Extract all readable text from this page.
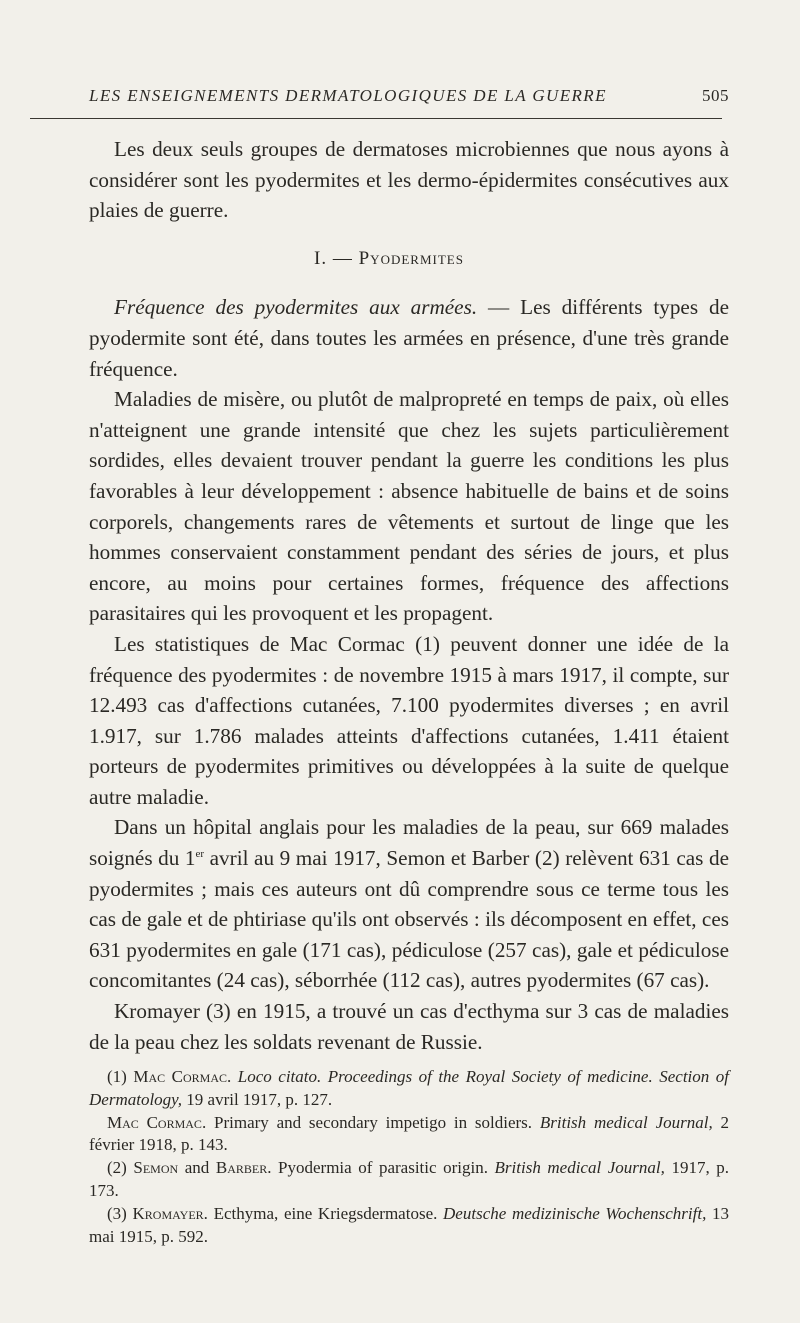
LES ENSEIGNEMENTS DERMATOLOGIQUES DE LA GUERRE	505

Les deux seuls groupes de dermatoses microbiennes que nous ayons à considérer sont les pyodermites et les dermo-épidermites consécutives aux plaies de guerre.

I. — Pyodermites

Fréquence des pyodermites aux armées. — Les différents types de pyodermite sont été, dans toutes les armées en présence, d'une très grande fréquence.

Maladies de misère, ou plutôt de malpropreté en temps de paix, où elles n'atteignent une grande intensité que chez les sujets particulièrement sordides, elles devaient trouver pendant la guerre les conditions les plus favorables à leur développement : absence habituelle de bains et de soins corporels, changements rares de vêtements et surtout de linge que les hommes conservaient constamment pendant des séries de jours, et plus encore, au moins pour certaines formes, fréquence des affections parasitaires qui les provoquent et les propagent.

Les statistiques de Mac Cormac (1) peuvent donner une idée de la fréquence des pyodermites : de novembre 1915 à mars 1917, il compte, sur 12.493 cas d'affections cutanées, 7.100 pyodermites diverses ; en avril 1.917, sur 1.786 malades atteints d'affections cutanées, 1.411 étaient porteurs de pyodermites primitives ou développées à la suite de quelque autre maladie.

Dans un hôpital anglais pour les maladies de la peau, sur 669 malades soignés du 1er avril au 9 mai 1917, Semon et Barber (2) relèvent 631 cas de pyodermites ; mais ces auteurs ont dû comprendre sous ce terme tous les cas de gale et de phtiriase qu'ils ont observés : ils décomposent en effet, ces 631 pyodermites en gale (171 cas), pédiculose (257 cas), gale et pédiculose concomitantes (24 cas), séborrhée (112 cas), autres pyodermites (67 cas).

Kromayer (3) en 1915, a trouvé un cas d'ecthyma sur 3 cas de maladies de la peau chez les soldats revenant de Russie.

(1) Mac Cormac. Loco citato. Proceedings of the Royal Society of medicine. Section of Dermatology, 19 avril 1917, p. 127.

Mac Cormac. Primary and secondary impetigo in soldiers. British medical Journal, 2 février 1918, p. 143.

(2) Semon and Barber. Pyodermia of parasitic origin. British medical Journal, 1917, p. 173.

(3) Kromayer. Ecthyma, eine Kriegsdermatose. Deutsche medizinische Wochenschrift, 13 mai 1915, p. 592.
